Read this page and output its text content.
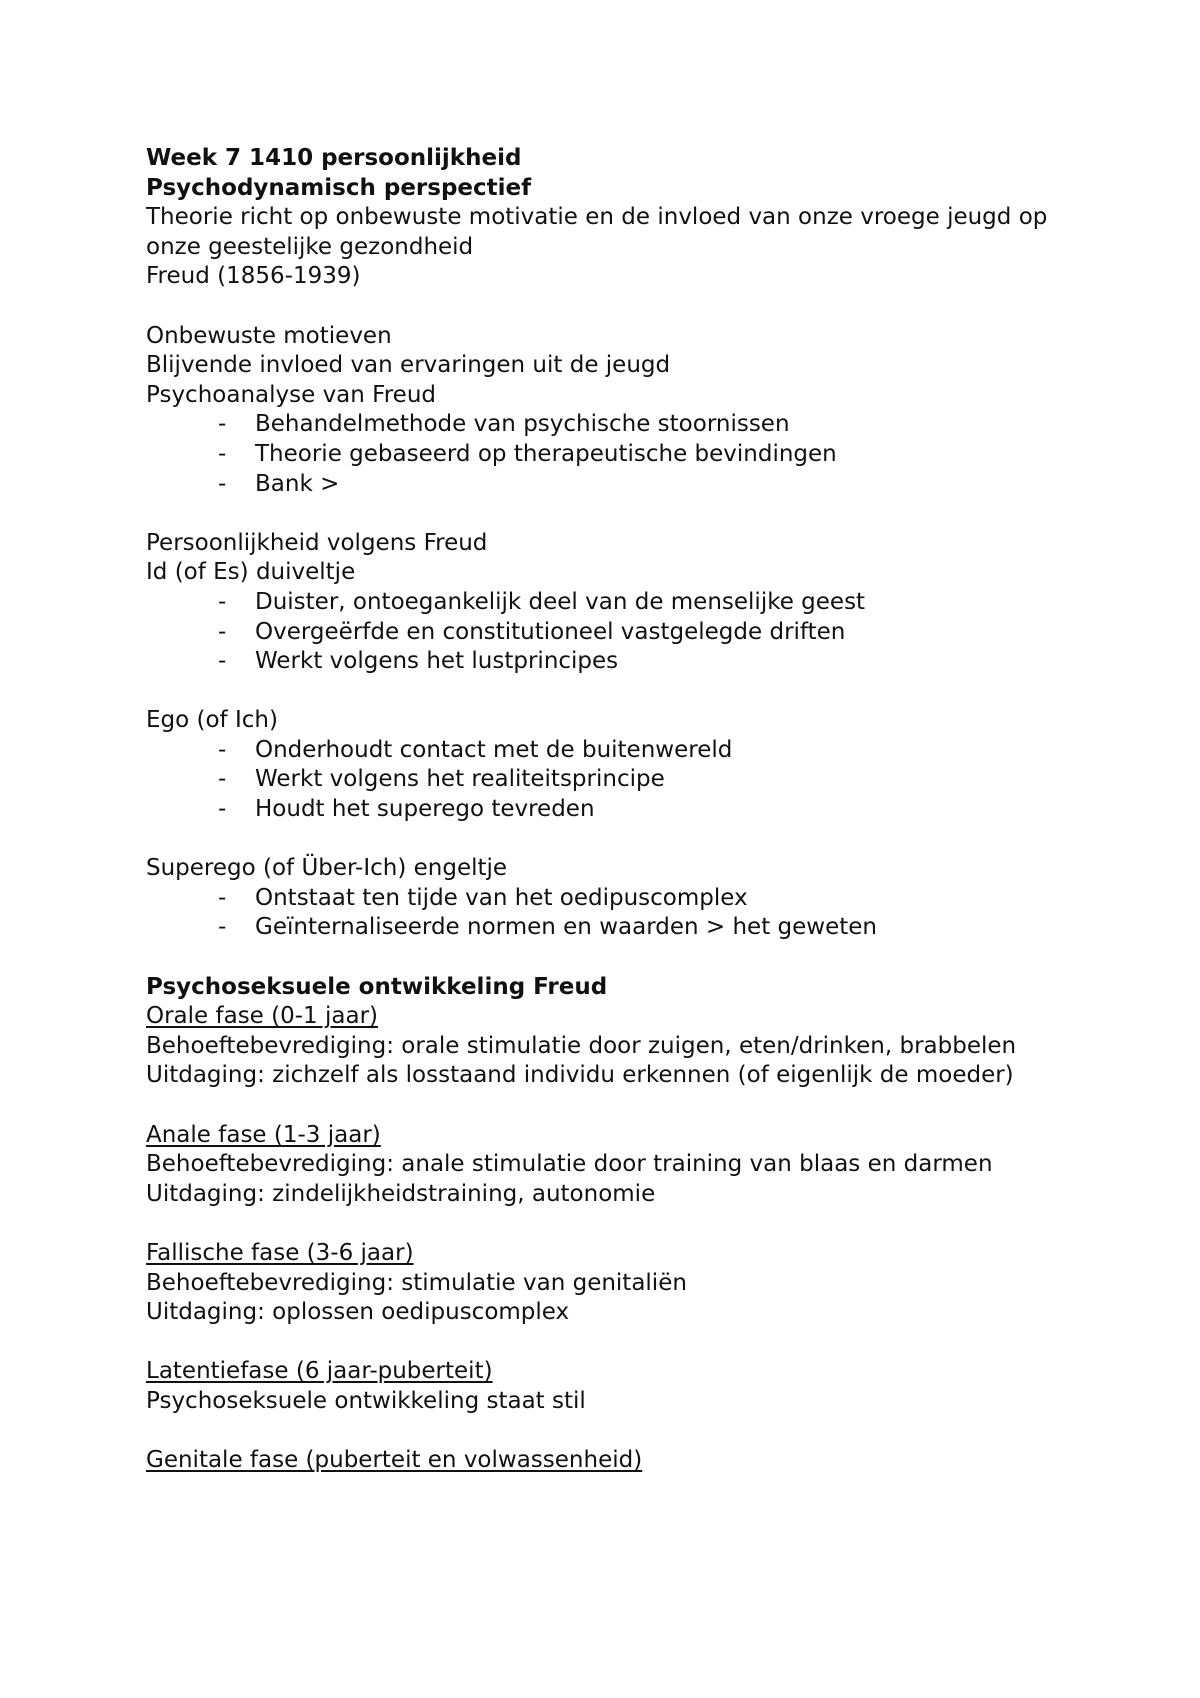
Week 7 1410 persoonlijkheid
Psychodynamisch perspectief
Theorie richt op onbewuste motivatie en de invloed van onze vroege jeugd op onze geestelijke gezondheid
Freud (1856-1939)
Onbewuste motieven
Blijvende invloed van ervaringen uit de jeugd
Psychoanalyse van Freud
- Behandelmethode van psychische stoornissen
- Theorie gebaseerd op therapeutische bevindingen
- Bank >
Persoonlijkheid volgens Freud
Id (of Es) duiveltje
- Duister, ontoegankelijk deel van de menselijke geest
- Overgeërfde en constitutioneel vastgelegde driften
- Werkt volgens het lustprincipes
Ego (of Ich)
- Onderhoudt contact met de buitenwereld
- Werkt volgens het realiteitsprincipe
- Houdt het superego tevreden
Superego (of Über-Ich) engeltje
- Ontstaat ten tijde van het oedipuscomplex
- Geïnternaliseerde normen en waarden > het geweten
Psychoseksuele ontwikkeling Freud
Orale fase (0-1 jaar)
Behoeftebevrediging: orale stimulatie door zuigen, eten/drinken, brabbelen
Uitdaging: zichzelf als losstaand individu erkennen (of eigenlijk de moeder)
Anale fase (1-3 jaar)
Behoeftebevrediging: anale stimulatie door training van blaas en darmen
Uitdaging: zindelijkheidstraining, autonomie
Fallische fase (3-6 jaar)
Behoeftebevrediging: stimulatie van genitaliën
Uitdaging: oplossen oedipuscomplex
Latentiefase (6 jaar-puberteit)
Psychoseksuele ontwikkeling staat stil
Genitale fase (puberteit en volwassenheid)
